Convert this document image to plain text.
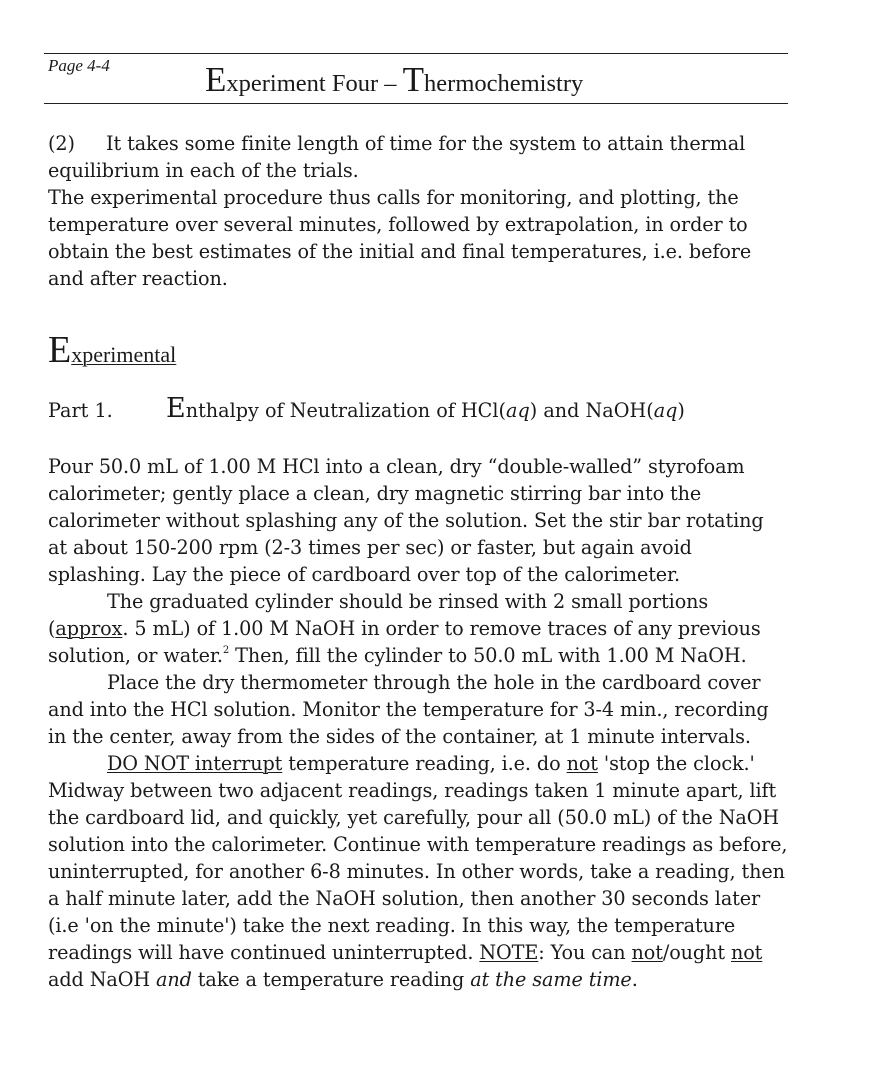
Page 4-4	Experiment Four – Thermochemistry

(2) It takes some finite length of time for the system to attain thermal equilibrium in each of the trials.

The experimental procedure thus calls for monitoring, and plotting, the temperature over several minutes, followed by extrapolation, in order to obtain the best estimates of the initial and final temperatures, i.e. before and after reaction.

Experimental
Part 1. Enthalpy of Neutralization of HCl(aq) and NaOH(aq)

Pour 50.0 mL of 1.00 M HCl into a clean, dry “double-walled” styrofoam calorimeter; gently place a clean, dry magnetic stirring bar into the calorimeter without splashing any of the solution. Set the stir bar rotating at about 150-200 rpm (2-3 times per sec) or faster, but again avoid splashing. Lay the piece of cardboard over top of the calorimeter.

The graduated cylinder should be rinsed with 2 small portions (approx. 5 mL) of 1.00 M NaOH in order to remove traces of any previous solution, or water.$^2$ Then, fill the cylinder to 50.0 mL with 1.00 M NaOH.

Place the dry thermometer through the hole in the cardboard cover and into the HCl solution. Monitor the temperature for 3-4 min., recording in the center, away from the sides of the container, at 1 minute intervals.

DO NOT interrupt temperature reading, i.e. do not 'stop the clock.' Midway between two adjacent readings, readings taken 1 minute apart, lift the cardboard lid, and quickly, yet carefully, pour all (50.0 mL) of the NaOH solution into the calorimeter. Continue with temperature readings as before, uninterrupted, for another 6-8 minutes. In other words, take a reading, then a half minute later, add the NaOH solution, then another 30 seconds later (i.e 'on the minute') take the next reading. In this way, the temperature readings will have continued uninterrupted. NOTE: You can not/ought not add NaOH and take a temperature reading at the same time.
